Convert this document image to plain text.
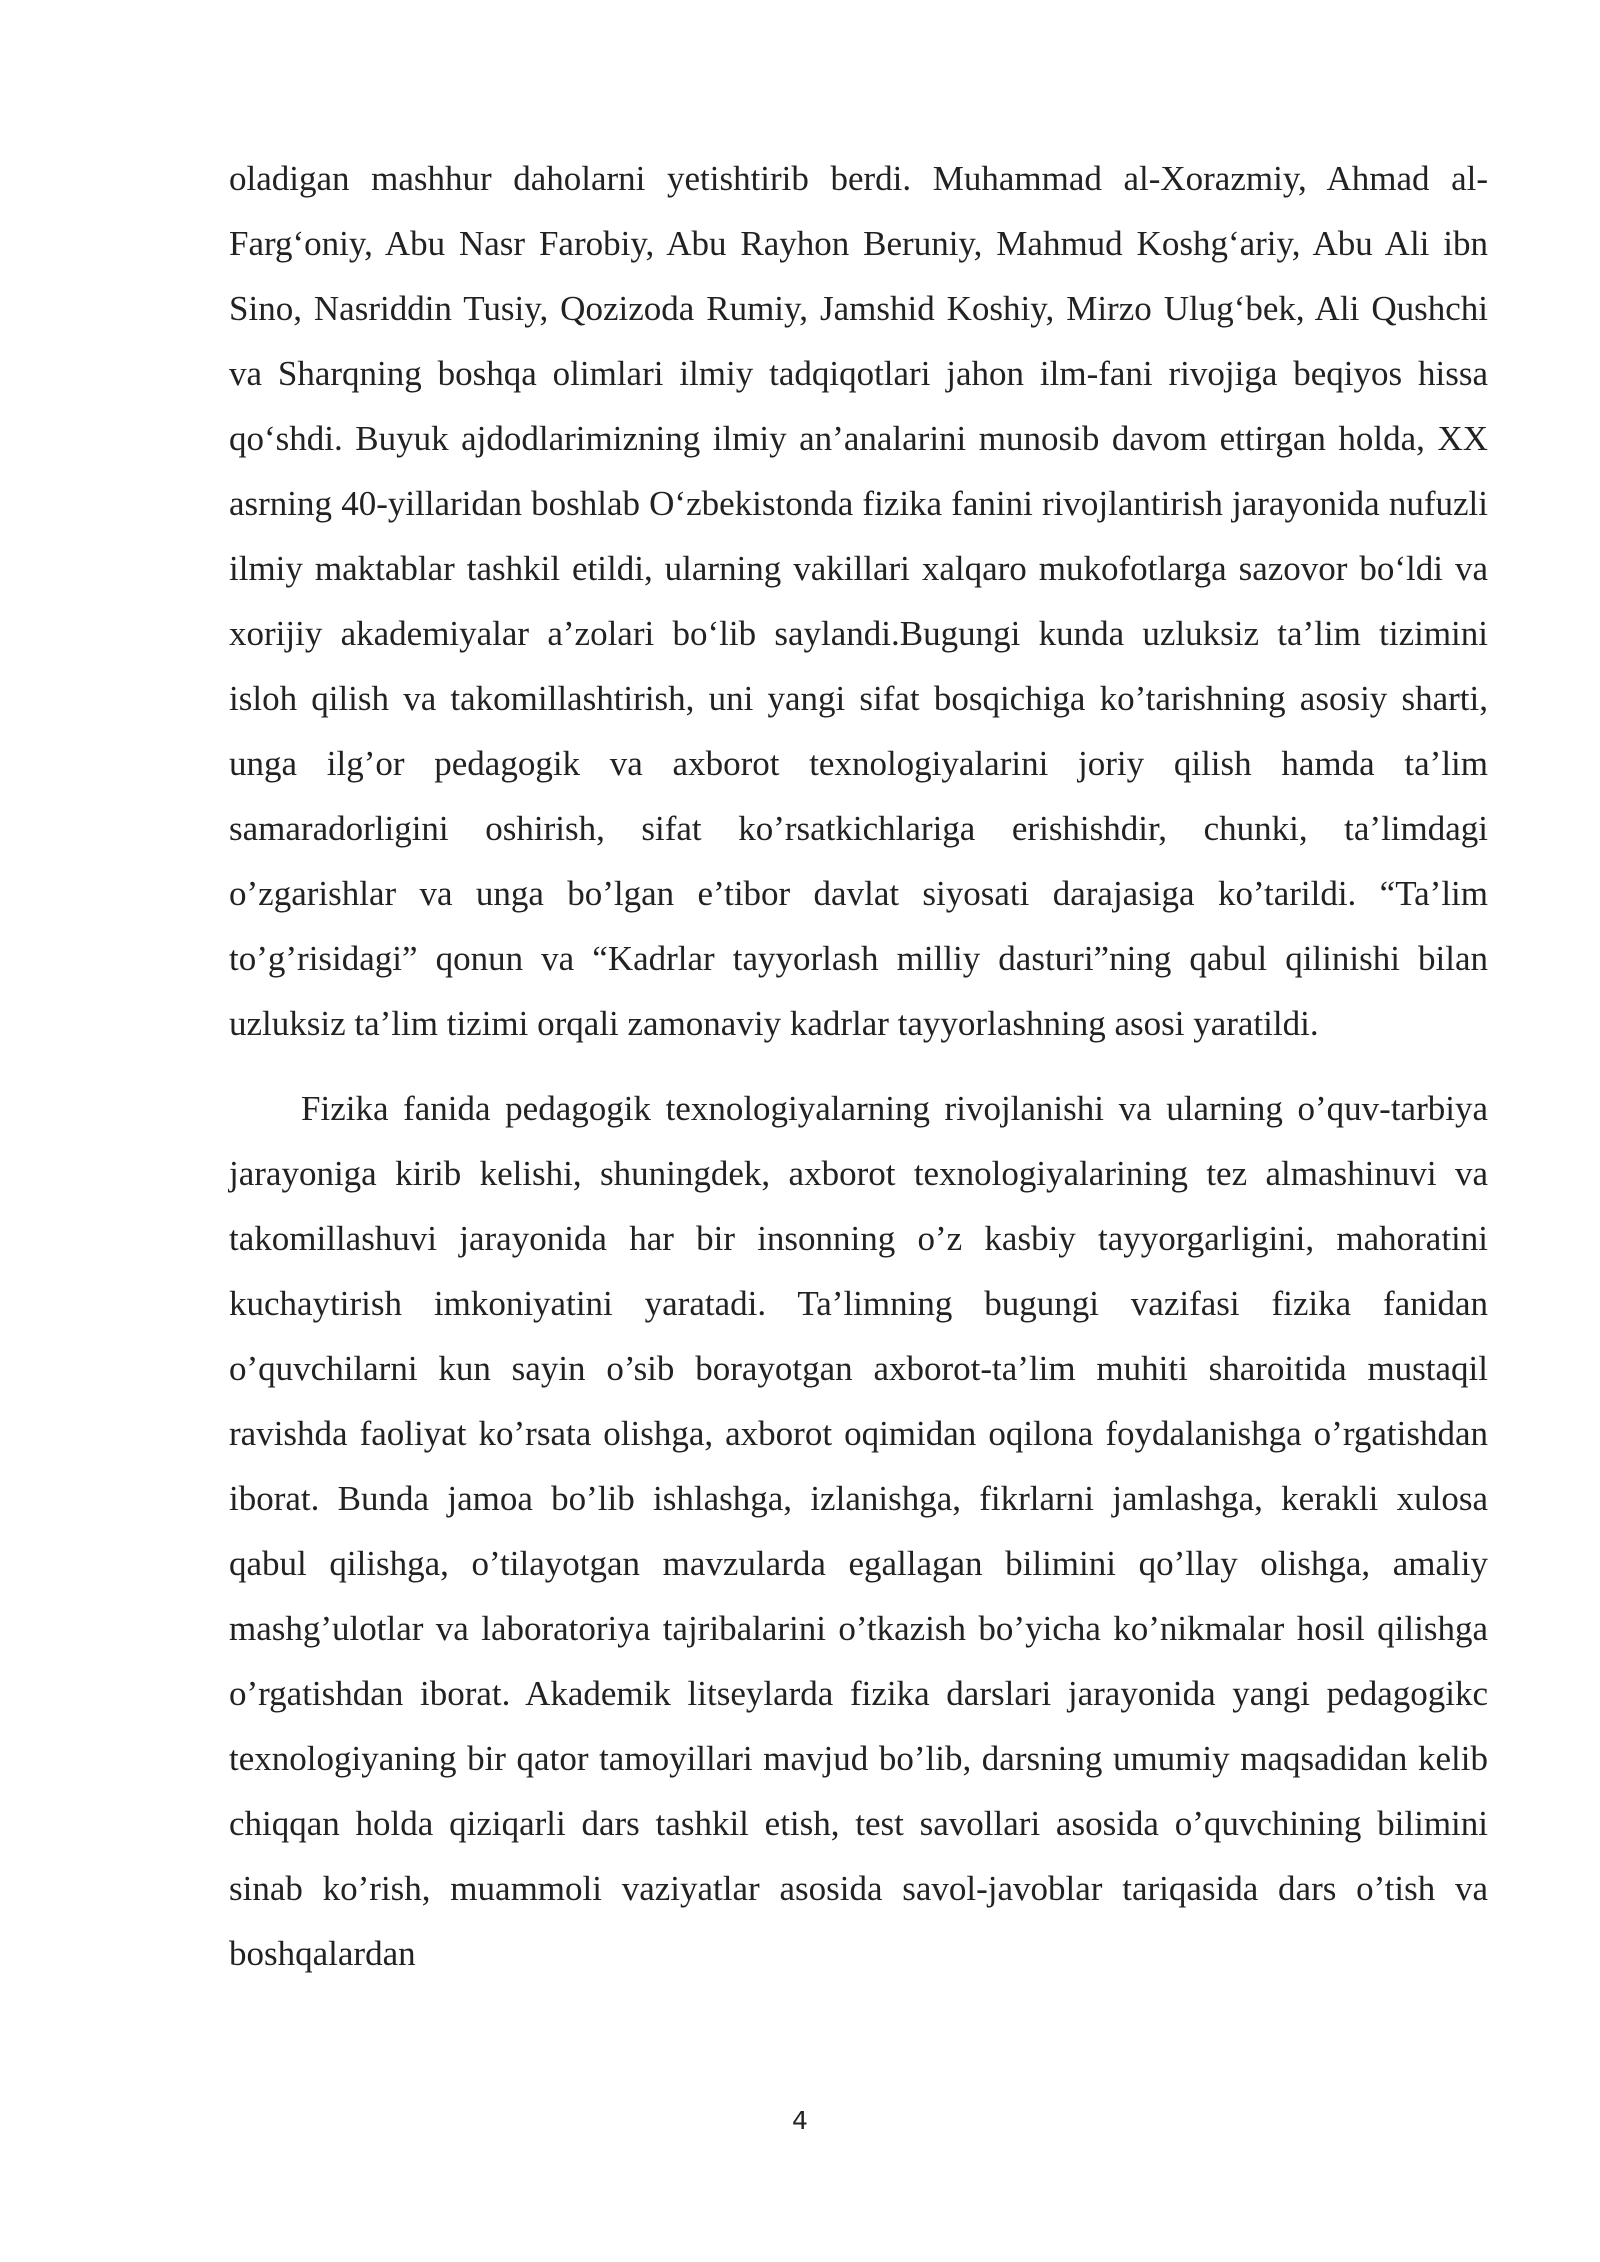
oladigan mashhur daholarni yetishtirib berdi. Muhammad al-Xorazmiy, Ahmad al-Farg‘oniy, Abu Nasr Farobiy, Abu Rayhon Beruniy, Mahmud Koshg‘ariy, Abu Ali ibn Sino, Nasriddin Tusiy, Qozizoda Rumiy, Jamshid Koshiy, Mirzo Ulug‘bek, Ali Qushchi va Sharqning boshqa olimlari ilmiy tadqiqotlari jahon ilm-fani rivojiga beqiyos hissa qo‘shdi. Buyuk ajdodlarimizning ilmiy an’analarini munosib davom ettirgan holda, XX asrning 40-yillaridan boshlab O‘zbekistonda fizika fanini rivojlantirish jarayonida nufuzli ilmiy maktablar tashkil etildi, ularning vakillari xalqaro mukofotlarga sazovor bo‘ldi va xorijiy akademiyalar a’zolari bo‘lib saylandi.Bugungi kunda uzluksiz ta’lim tizimini isloh qilish va takomillashtirish, uni yangi sifat bosqichiga ko’tarishning asosiy sharti, unga ilg’or pedagogik va axborot texnologiyalarini joriy qilish hamda ta’lim samaradorligini oshirish, sifat ko’rsatkichlariga erishishdir, chunki, ta’limdagi o’zgarishlar va unga bo’lgan e’tibor davlat siyosati darajasiga ko’tarildi. “Ta’lim to’g’risidagi” qonun va “Kadrlar tayyorlash milliy dasturi”ning qabul qilinishi bilan uzluksiz ta’lim tizimi orqali zamonaviy kadrlar tayyorlashning asosi yaratildi.

Fizika fanida pedagogik texnologiyalarning rivojlanishi va ularning o’quv-tarbiya jarayoniga kirib kelishi, shuningdek, axborot texnologiyalarining tez almashinuvi va takomillashuvi jarayonida har bir insonning o’z kasbiy tayyorgarligini, mahoratini kuchaytirish imkoniyatini yaratadi. Ta’limning bugungi vazifasi fizika fanidan o’quvchilarni kun sayin o’sib borayotgan axborot-ta’lim muhiti sharoitida mustaqil ravishda faoliyat ko’rsata olishga, axborot oqimidan oqilona foydalanishga o’rgatishdan iborat. Bunda jamoa bo’lib ishlashga, izlanishga, fikrlarni jamlashga, kerakli xulosa qabul qilishga, o’tilayotgan mavzularda egallagan bilimini qo’llay olishga, amaliy mashg’ulotlar va laboratoriya tajribalarini o’tkazish bo’yicha ko’nikmalar hosil qilishga o’rgatishdan iborat. Akademik litseylarda fizika darslari jarayonida yangi pedagogikc texnologiyaning bir qator tamoyillari mavjud bo’lib, darsning umumiy maqsadidan kelib chiqqan holda qiziqarli dars tashkil etish, test savollari asosida o’quvchining bilimini sinab ko’rish, muammoli vaziyatlar asosida savol-javoblar tariqasida dars o’tish va boshqalardan

4
